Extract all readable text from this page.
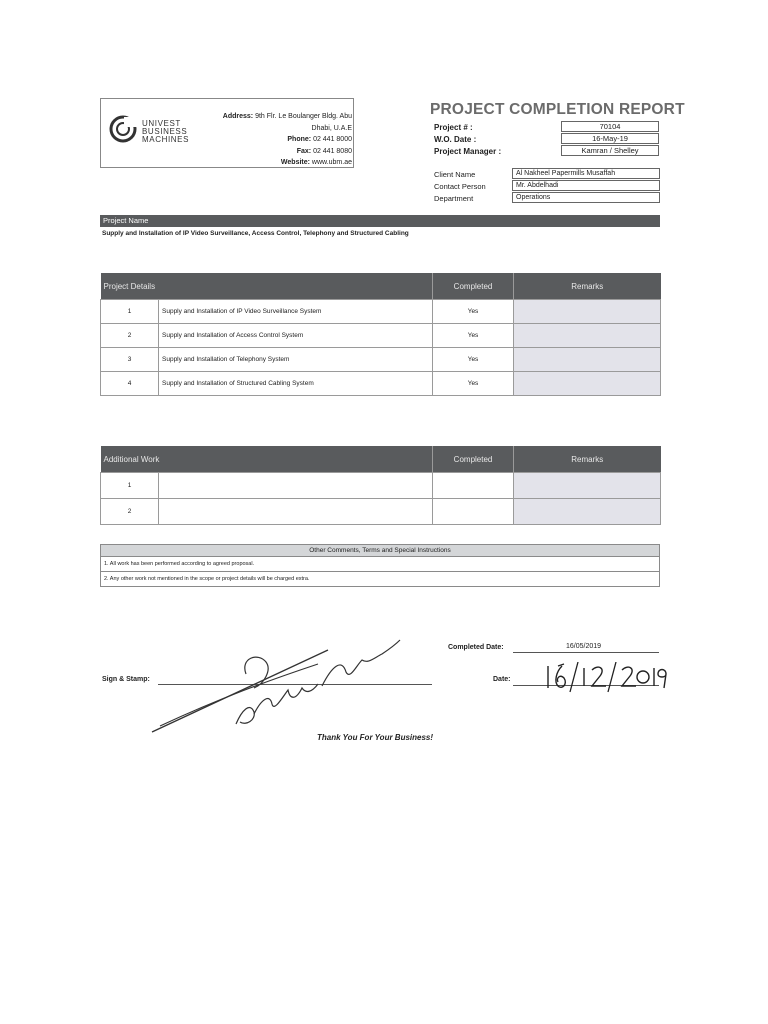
UNIVEST
BUSINESS
MACHINES
Address: 9th Flr. Le Boulanger Bldg. Abu
Dhabi, U.A.E
Phone: 02 441 8000
Fax: 02 441 8080
Website: www.ubm.ae
PROJECT COMPLETION REPORT
Project # :	70104
W.O. Date :	16-May-19
Project Manager :	Kamran / Shelley
Client Name	Al Nakheel Papermills Musaffah
Contact Person	Mr. Abdelhadi
Department	Operations
Project Name
Supply and Installation of IP Video Surveillance, Access Control, Telephony and Structured Cabling
Project Details		Completed	Remarks
1	Supply and Installation of IP Video Surveillance System	Yes	
2	Supply and Installation of Access Control System	Yes	
3	Supply and Installation of Telephony System	Yes	
4	Supply and Installation of Structured Cabling System	Yes	
Additional Work		Completed	Remarks
1			
2			
Other Comments, Terms and Special Instructions
1. All work has been performed according to agreed proposal.
2. Any other work not mentioned in the scope or project details will be charged extra.
Sign & Stamp:
Completed Date:	16/05/2019
Date:
Thank You For Your Business!
